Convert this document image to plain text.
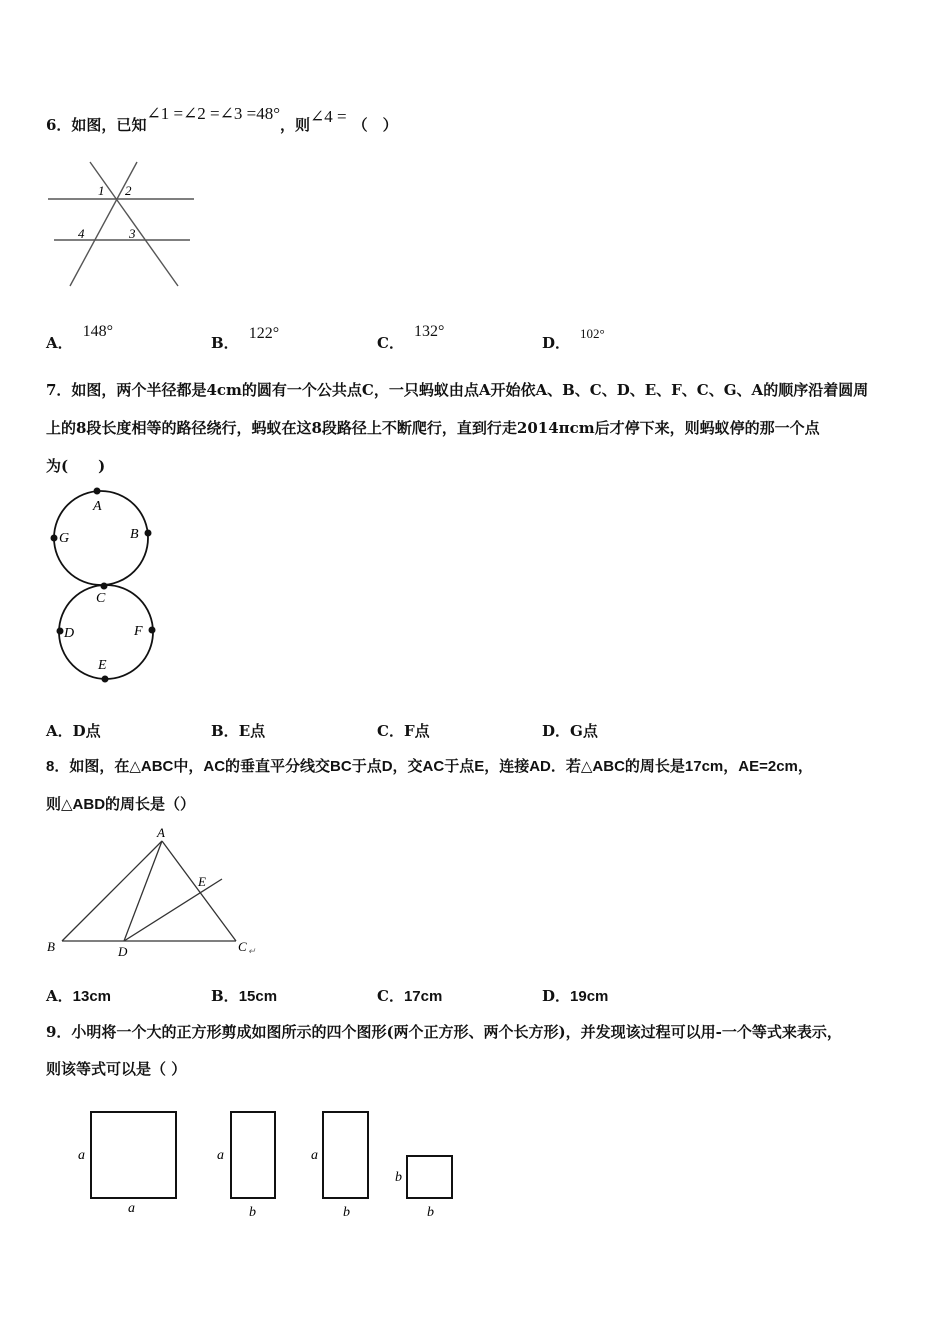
6．如图，已知∠1 =∠2 =∠3 =48°，则∠4 = （　）
1 2
3
4
A．148°
B．122°
C．132°
D．102°
7．如图，两个半径都是4cm的圆有一个公共点C，一只蚂蚁由点A开始依A、B、C、D、E、F、C、G、A的顺序沿着圆周
上的8段长度相等的路径绕行，蚂蚁在这8段路径上不断爬行，直到行走2014πcm后才停下来，则蚂蚁停的那一个点
为(　　)
A
B
G
C
D	F
E
A．D点	B．E点	C．F点	D．G点
8．如图，在△ABC中，AC的垂直平分线交BC于点D，交AC于点E，连接AD．若△ABC的周长是17cm，AE=2cm，
则△ABD的周长是（）
A
B	D
E
C ↵
A．13cm	B．15cm	C．17cm	D．19cm
9．小明将一个大的正方形剪成如图所示的四个图形(两个正方形、两个长方形)，并发现该过程可以用-一个等式来表示，
则该等式可以是（ ）
a
a
a
b
a
b
b
b
